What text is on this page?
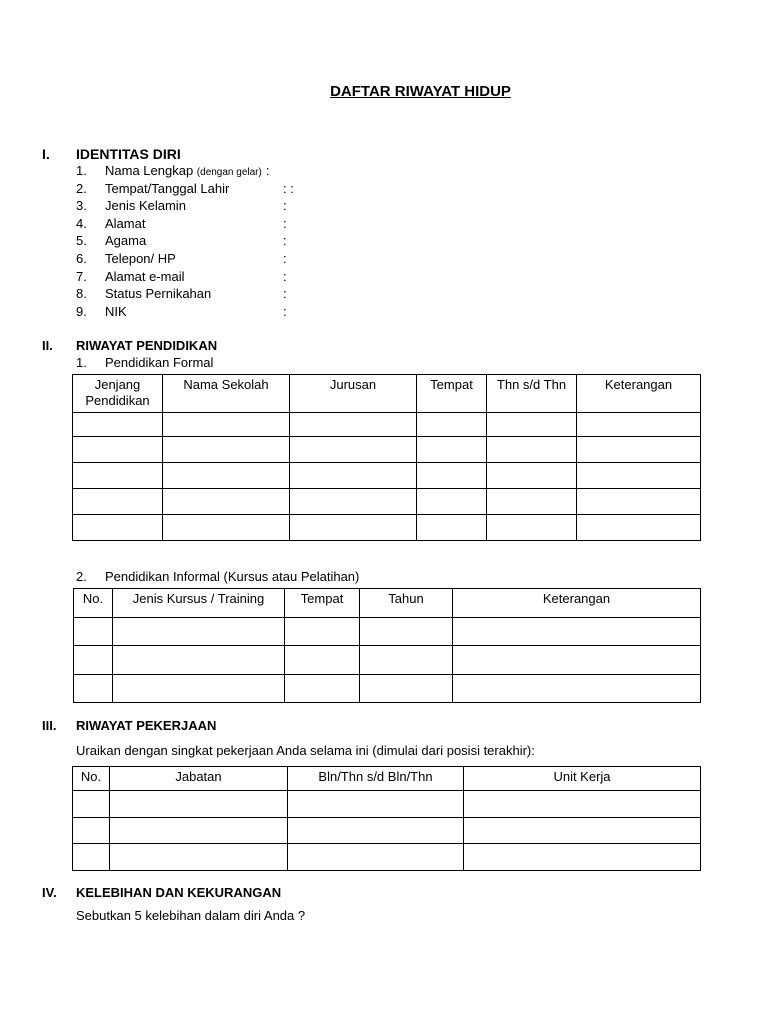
DAFTAR RIWAYAT HIDUP
I. IDENTITAS DIRI
1.	Nama Lengkap (dengan gelar) :
2.	Tempat/Tanggal Lahir	: :
3.	Jenis Kelamin	:
4.	Alamat	:
5.	Agama	:
6.	Telepon/ HP	:
7.	Alamat e-mail	:
8.	Status Pernikahan	:
9.	NIK	:
II. RIWAYAT PENDIDIKAN
1. Pendidikan Formal
Jenjang Pendidikan	Nama Sekolah	Jurusan	Tempat	Thn s/d Thn	Keterangan

2. Pendidikan Informal (Kursus atau Pelatihan)
No.	Jenis Kursus / Training	Tempat	Tahun	Keterangan

III. RIWAYAT PEKERJAAN
Uraikan dengan singkat pekerjaan Anda selama ini (dimulai dari posisi terakhir):
No.	Jabatan	Bln/Thn s/d Bln/Thn	Unit Kerja

IV. KELEBIHAN DAN KEKURANGAN
Sebutkan 5 kelebihan dalam diri Anda ?
